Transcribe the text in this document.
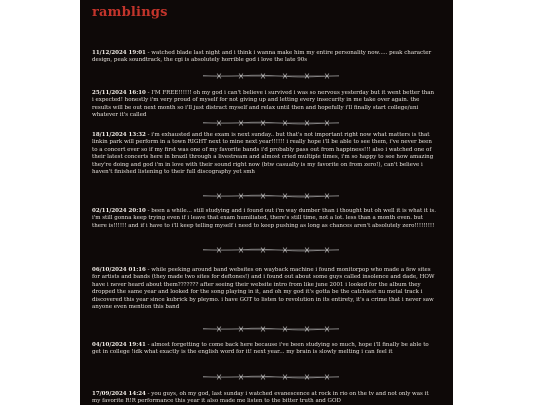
ramblings

11/12/2024 19:01 - watched blade last night and i think i wanna make him my entire personality now..... peak character design, peak soundtrack, the cgi is absolutely horrible god i love the late 90s

25/11/2024 16:10 - I'M FREE!!!!!! oh my god i can't believe i survived i was so nervous yesterday but it went better than i expected! honestly i'm very proud of myself for not giving up and letting every insecurity in me take over again. the results will be out next month so i'll just distract myself and relax until then and hopefully i'll finally start college/uni whatever it's called

18/11/2024 13:32 - i'm exhausted and the exam is next sunday.. but that's not important right now what matters is that linkin park will perform in a town RIGHT next to mine next year!!!!!! i really hope i'll be able to see them, i've never been to a concert ever so if my first was one of my favorite bands i'd probably pass out from happiness!!! also i watched one of their latest concerts here in brazil through a livestream and almost cried multiple times, i'm so happy to see how amazing they're doing and god i'm in love with their sound right now (btw casualty is my favorite on from zero!), can't believe i haven't finished listening to their full discography yet smh

02/11/2024 20:10 - been a while... still studying and i found out i'm way dumber than i thought but oh well it is what it is. i'm still gonna keep trying even if i leave that exam humiliated, there's still time, not a lot. less than a month even. but there is!!!!!! and if i have to i'll keep telling myself i need to keep pushing as long as chances aren't absolutely zero!!!!!!!!!

06/10/2024 01:16 - while peeking around band websites on wayback machine i found monitorpop who made a few sites for artists and bands (they made two sites for deftones!) and i found out about some guys called insolence and dade, HOW have i never heard about them??????? after seeing their website intro from like june 2001 i looked for the album they dropped the same year and looked for the song playing in it, and oh my god it's gotta be the catchiest nu metal track i discovered this year since kubrick by pleymo. i have GOT to listen to revolution in its entirety, it's a crime that i never saw anyone even mention this band

04/10/2024 19:41 - almost forgetting to come back here because i've been studying so much, hope i'll finally be able to get in college !idk what exactly is the english word for it! next year... my brain is slowly melting i can feel it

17/09/2024 14:24 - you guys, oh my god, last sunday i watched evanescence at rock in rio on the tv and not only was it my favorite R!R performance this year it also made me listen to the bitter truth and GOD
